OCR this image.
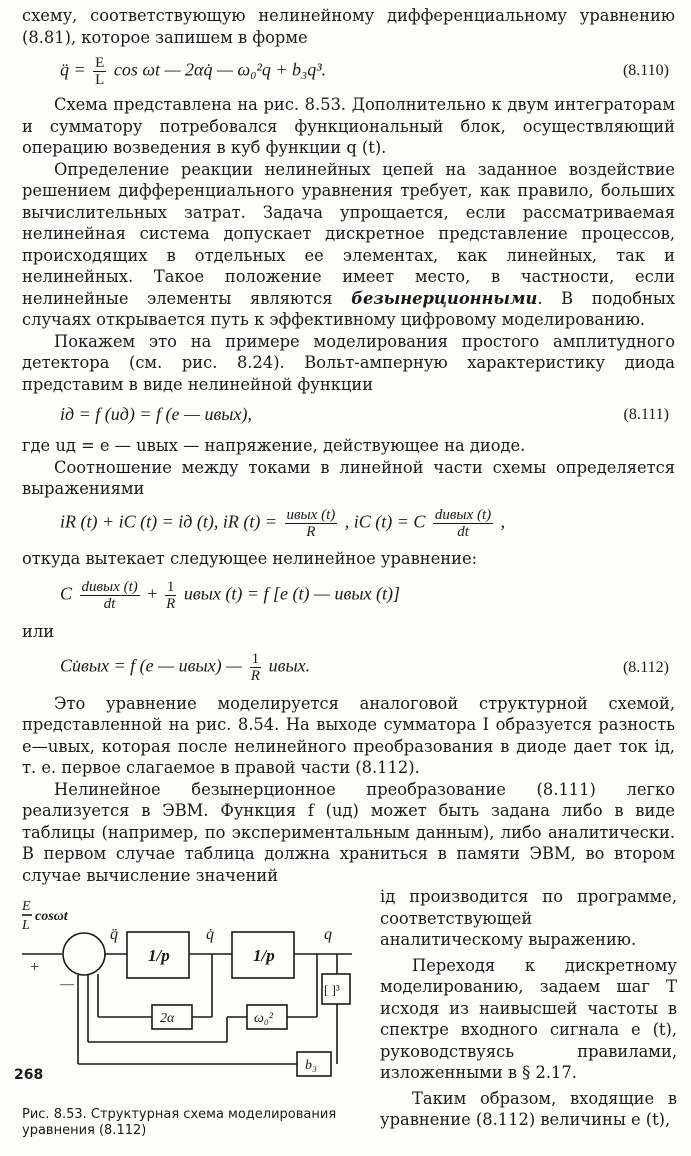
схему, соответствующую нелинейному дифференциальному уравнению (8.81), которое запишем в форме

q̈ = $\frac{E}{L}$ cos ωt — 2αq̇ — ω₀²q + b₃q³.	(8.110)

Схема представлена на рис. 8.53. Дополнительно к двум интеграторам и сумматору потребовался функциональный блок, осуществляющий операцию возведения в куб функции q (t).

Определение реакции нелинейных цепей на заданное воздействие решением дифференциального уравнения требует, как правило, больших вычислительных затрат. Задача упрощается, если рассматриваемая нелинейная система допускает дискретное представление процессов, происходящих в отдельных ее элементах, как линейных, так и нелинейных. Такое положение имеет место, в частности, если нелинейные элементы являются безынерционными. В подобных случаях открывается путь к эффективному цифровому моделированию.

Покажем это на примере моделирования простого амплитудного детектора (см. рис. 8.24). Вольт-амперную характеристику диода представим в виде нелинейной функции

iд = f (uд) = f (e — uвых),	(8.111)

где uд = e — uвых — напряжение, действующее на диоде.

Соотношение между токами в линейной части схемы определяется выражениями

iR (t) + iC (t) = iд (t), iR $(t) = \frac{\text{uвых (t)}}{R}$ , iC (t) = C $\frac{\text{duвых (t)}}{dt}$ ,

откуда вытекает следующее нелинейное уравнение:

C $\frac{\text{duвых (t)}}{dt} + \frac{1}{R}$ uвых (t) = f [e (t) — uвых (t)]

или

Cu̇вых = f (e — uвых) — $\frac{1}{R}$ uвых.	(8.112)

Это уравнение моделируется аналоговой структурной схемой, представленной на рис. 8.54. На выходе сумматора I образуется разность e—uвых, которая после нелинейного преобразования в диоде дает ток iд, т. е. первое слагаемое в правой части (8.112).

Нелинейное безынерционное преобразование (8.111) легко реализуется в ЭВМ. Функция f (uд) может быть задана либо в виде таблицы (например, по экспериментальным данным), либо аналитически. В первом случае таблица должна храниться в памяти ЭВМ, во втором случае вычисление значений

E
L
cosωt
+
—
q̈
1/p
q̇
1/p
q
2α	ω₀²
[ ]³
b₃
Рис. 8.53. Структурная схема моделирования уравнения (8.112)

iд производится по программе, соответствующей аналитическому выражению.

Переходя к дискретному моделированию, задаем шаг T исходя из наивысшей частоты в спектре входного сигнала e (t), руководствуясь правилами, изложенными в § 2.17.

Таким образом, входящие в уравнение (8.112) величины e (t),

268
